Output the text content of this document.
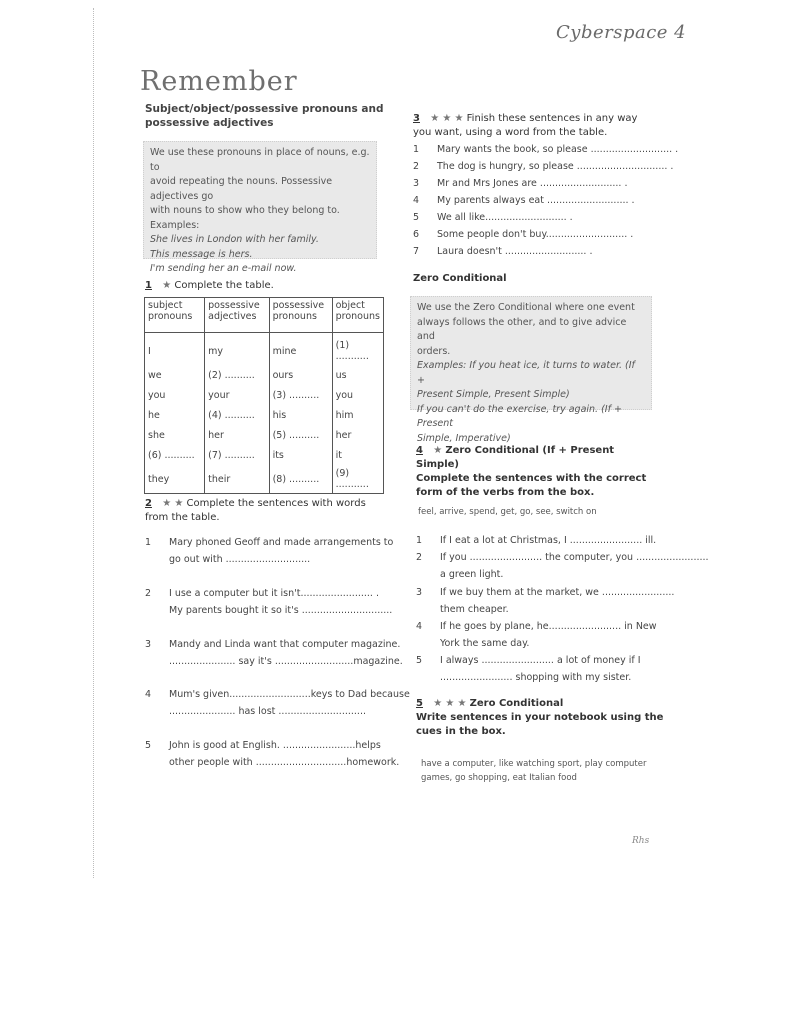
Cyberspace 4
Remember
Subject/object/possessive pronouns and possessive adjectives
We use these pronouns in place of nouns, e.g. to
avoid repeating the nouns. Possessive adjectives go
with nouns to show who they belong to.
Examples:
She lives in London with her family.
This message is hers.
I'm sending her an e-mail now.
1 ★ Complete the table.
subject pronouns	possessive adjectives	possessive pronouns	object pronouns
I	my	mine	(1) ...........
we	(2) ..........	ours	us
you	your	(3) ..........	you
he	(4) ..........	his	him
she	her	(5) ..........	her
(6) ..........	(7) ..........	its	it
they	their	(8) ..........	(9) ...........
2 ★ ★ Complete the sentences with words from the table.
1 Mary phoned Geoff and made arrangements to
go out with ............................
2 I use a computer but it isn't........................ .
My parents bought it so it's ..............................
3 Mandy and Linda want that computer magazine.
...................... say it's ..........................magazine.
4 Mum's given...........................keys to Dad because
...................... has lost .............................
5 John is good at English. ........................helps
other people with ..............................homework.
3 ★ ★ ★ Finish these sentences in any way you want, using a word from the table.
1 Mary wants the book, so please ........................... .
2 The dog is hungry, so please .............................. .
3 Mr and Mrs Jones are ........................... .
4 My parents always eat ........................... .
5 We all like........................... .
6 Some people don't buy........................... .
7 Laura doesn't ........................... .
Zero Conditional
We use the Zero Conditional where one event
always follows the other, and to give advice and
orders.
Examples: If you heat ice, it turns to water. (If +
Present Simple, Present Simple)
If you can't do the exercise, try again. (If + Present
Simple, Imperative)
4 ★ Zero Conditional (If + Present Simple)
Complete the sentences with the correct form of the verbs from the box.
feel, arrive, spend, get, go, see, switch on
1 If I eat a lot at Christmas, I ........................ ill.
2 If you ........................ the computer, you ........................
a green light.
3 If we buy them at the market, we ........................
them cheaper.
4 If he goes by plane, he........................ in New
York the same day.
5 I always ........................ a lot of money if I
........................ shopping with my sister.
5 ★ ★ ★ Zero Conditional
Write sentences in your notebook using the cues in the box.
have a computer, like watching sport, play computer
games, go shopping, eat Italian food
Rhs
